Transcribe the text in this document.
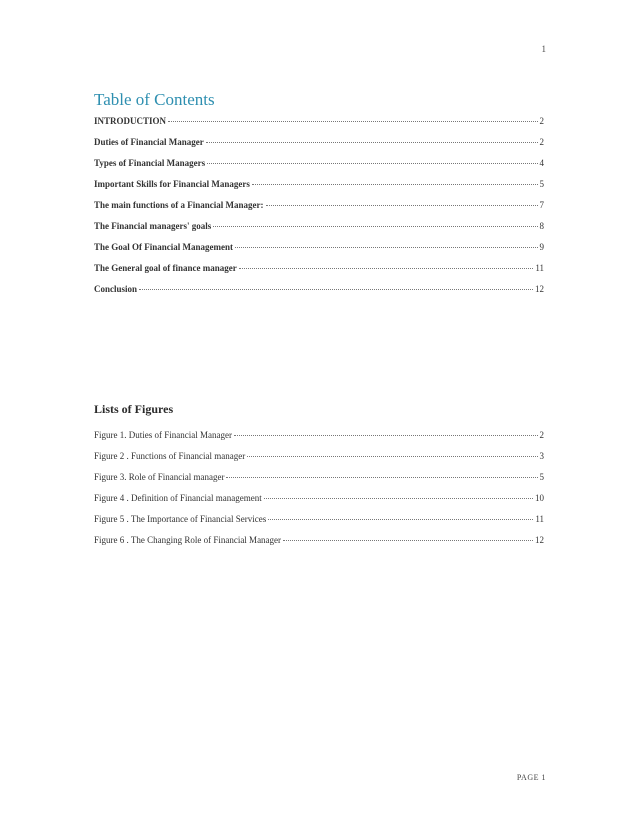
1
Table of Contents
INTRODUCTION	2
Duties of Financial Manager	2
Types of Financial Managers	4
Important Skills for Financial Managers	5
The main functions of a Financial Manager:	7
The Financial managers' goals	8
The Goal Of Financial Management	9
The General goal of finance manager	11
Conclusion	12
Lists of Figures
Figure 1. Duties of Financial Manager	2
Figure 2 . Functions of Financial manager	3
Figure 3. Role of Financial manager	5
Figure 4 . Definition of Financial management	10
Figure 5 . The Importance of Financial Services	11
Figure 6 . The Changing Role of Financial Manager	12
PAGE 1
